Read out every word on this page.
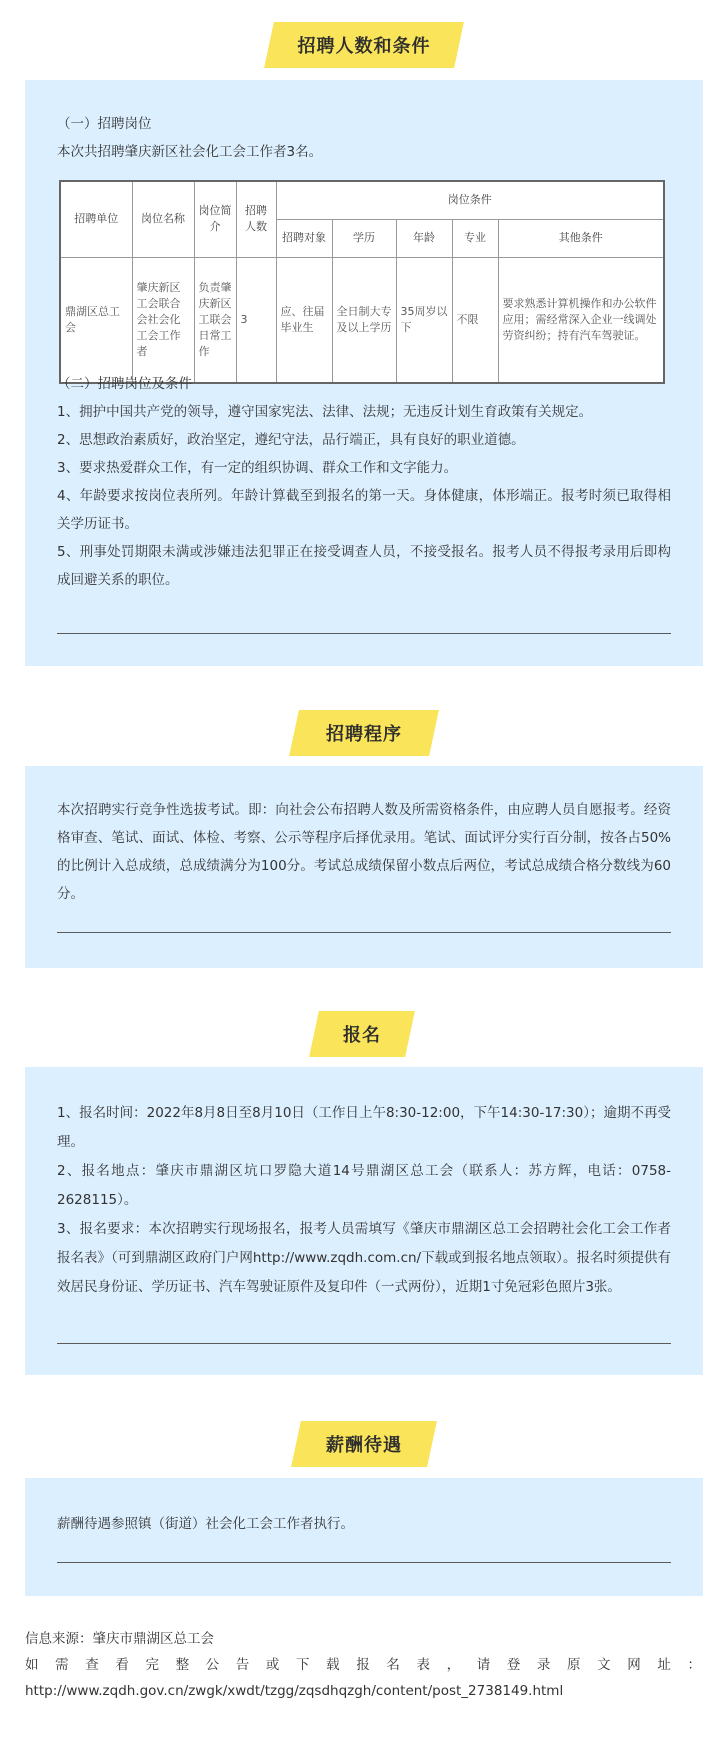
招聘人数和条件

（一）招聘岗位

本次共招聘肇庆新区社会化工会工作者3名。

招聘单位	岗位名称	岗位简介	招聘人数	岗位条件				
				招聘对象	学历	年龄	专业	其他条件
鼎湖区总工会	肇庆新区工会联合会社会化工会工作者	负责肇庆新区工联会日常工作	3	应、往届毕业生	全日制大专及以上学历	35周岁以下	不限	要求熟悉计算机操作和办公软件应用；需经常深入企业一线调处劳资纠纷；持有汽车驾驶证。

（二）招聘岗位及条件

1、拥护中国共产党的领导，遵守国家宪法、法律、法规；无违反计划生育政策有关规定。

2、思想政治素质好，政治坚定，遵纪守法，品行端正，具有良好的职业道德。

3、要求热爱群众工作，有一定的组织协调、群众工作和文字能力。

4、年龄要求按岗位表所列。年龄计算截至到报名的第一天。身体健康，体形端正。报考时须已取得相关学历证书。

5、刑事处罚期限未满或涉嫌违法犯罪正在接受调查人员，不接受报名。报考人员不得报考录用后即构成回避关系的职位。

招聘程序

本次招聘实行竞争性选拔考试。即：向社会公布招聘人数及所需资格条件，由应聘人员自愿报考。经资格审查、笔试、面试、体检、考察、公示等程序后择优录用。笔试、面试评分实行百分制，按各占50%的比例计入总成绩，总成绩满分为100分。考试总成绩保留小数点后两位，考试总成绩合格分数线为60分。

报名

1、报名时间：2022年8月8日至8月10日（工作日上午8:30-12:00，下午14:30-17:30）；逾期不再受理。

2、报名地点：肇庆市鼎湖区坑口罗隐大道14号鼎湖区总工会（联系人：苏方辉，电话：0758-2628115）。

3、报名要求：本次招聘实行现场报名，报考人员需填写《肇庆市鼎湖区总工会招聘社会化工会工作者报名表》（可到鼎湖区政府门户网http://www.zqdh.com.cn/下载或到报名地点领取）。报名时须提供有效居民身份证、学历证书、汽车驾驶证原件及复印件（一式两份），近期1寸免冠彩色照片3张。

薪酬待遇

薪酬待遇参照镇（街道）社会化工会工作者执行。

信息来源：肇庆市鼎湖区总工会

如需查看完整公告或下载报名表，请登录原文网址：

http://www.zqdh.gov.cn/zwgk/xwdt/tzgg/zqsdhqzgh/content/post_2738149.html
